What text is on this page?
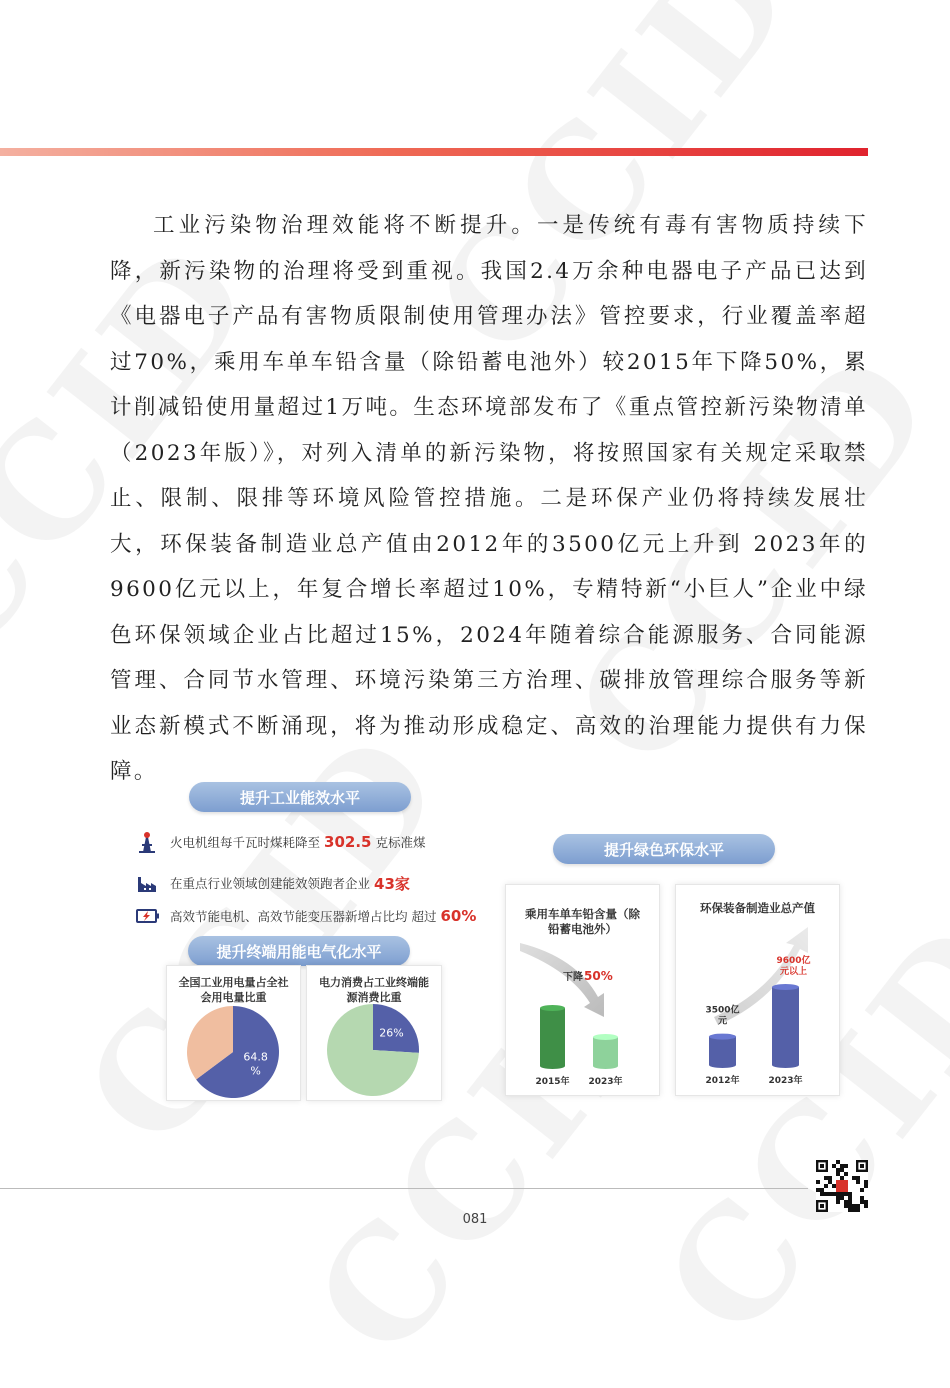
工业污染物治理效能将不断提升。一是传统有毒有害物质持续下降，新污染物的治理将受到重视。我国2.4万余种电器电子产品已达到《电器电子产品有害物质限制使用管理办法》管控要求，行业覆盖率超过70%，乘用车单车铅含量（除铅蓄电池外）较2015年下降50%，累计削减铅使用量超过1万吨。生态环境部发布了《重点管控新污染物清单（2023年版）》，对列入清单的新污染物，将按照国家有关规定采取禁止、限制、限排等环境风险管控措施。二是环保产业仍将持续发展壮大，环保装备制造业总产值由2012年的3500亿元上升到 2023年的9600亿元以上，年复合增长率超过10%，专精特新“小巨人”企业中绿色环保领域企业占比超过15%，2024年随着综合能源服务、合同能源管理、合同节水管理、环境污染第三方治理、碳排放管理综合服务等新业态新模式不断涌现，将为推动形成稳定、高效的治理能力提供有力保障。

提升工业能效水平
火电机组每千瓦时煤耗降至 302.5 克标准煤
在重点行业领域创建能效领跑者企业 43家
高效节能电机、高效节能变压器新增占比均 超过 60%
提升终端用能电气化水平
全国工业用电量占全社会用电量比重
64.8 %
电力消费占工业终端能源消费比重
26%
提升绿色环保水平
乘用车单车铅含量（除铅蓄电池外）
下降 50%
2015年 2023年
环保装备制造业总产值
2012年
3500亿元
2023年
9600亿元以上
081
